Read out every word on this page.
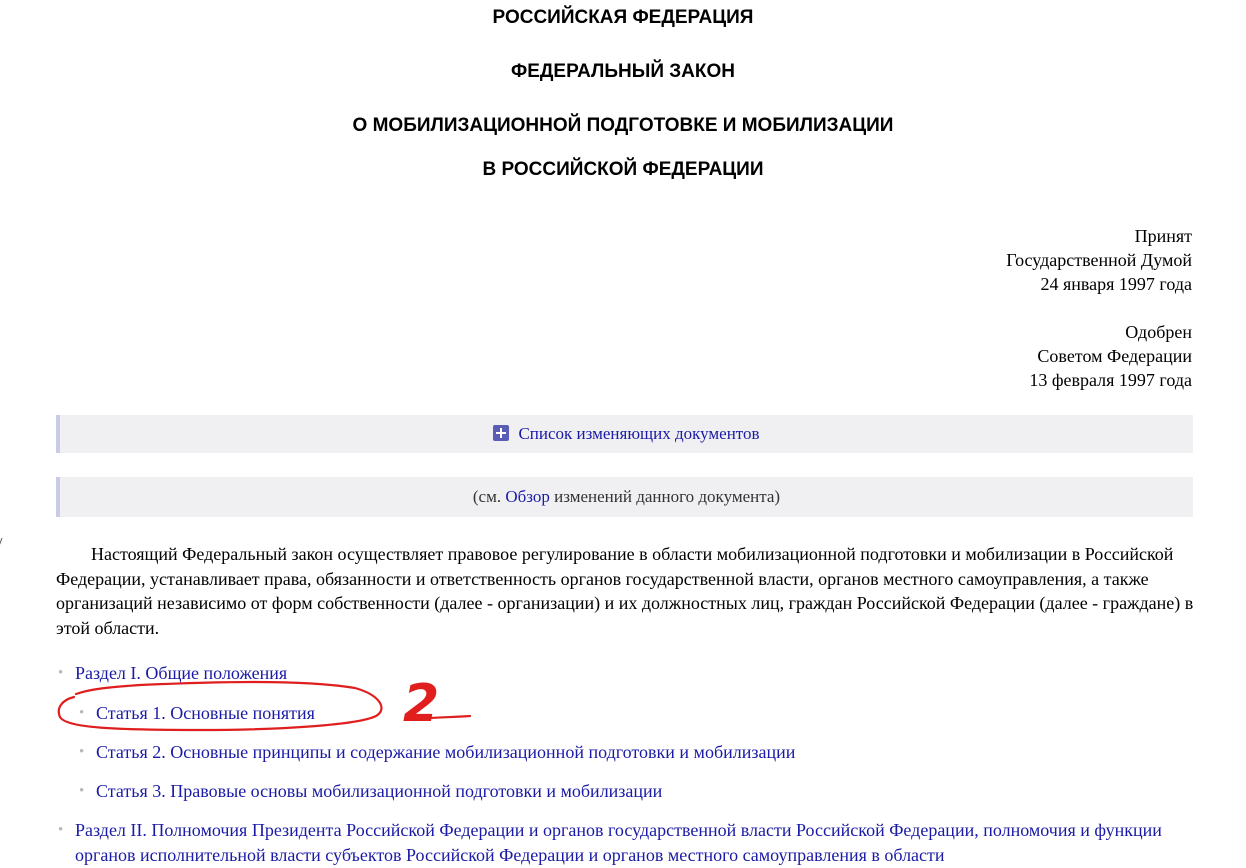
РОССИЙСКАЯ ФЕДЕРАЦИЯ
ФЕДЕРАЛЬНЫЙ ЗАКОН
О МОБИЛИЗАЦИОННОЙ ПОДГОТОВКЕ И МОБИЛИЗАЦИИ
В РОССИЙСКОЙ ФЕДЕРАЦИИ
Принят
Государственной Думой
24 января 1997 года
Одобрен
Советом Федерации
13 февраля 1997 года
Список изменяющих документов
(см. Обзор изменений данного документа)

Настоящий Федеральный закон осуществляет правовое регулирование в области мобилизационной подготовки и мобилизации в Российской Федерации, устанавливает права, обязанности и ответственность органов государственной власти, органов местного самоуправления, а также организаций независимо от форм собственности (далее - организации) и их должностных лиц, граждан Российской Федерации (далее - граждане) в этой области.

• Раздел I. Общие положения
• Статья 1. Основные понятия
• Статья 2. Основные принципы и содержание мобилизационной подготовки и мобилизации
• Статья 3. Правовые основы мобилизационной подготовки и мобилизации
• Раздел II. Полномочия Президента Российской Федерации и органов государственной власти Российской Федерации, полномочия и функции органов исполнительной власти субъектов Российской Федерации и органов местного самоуправления в области
2
